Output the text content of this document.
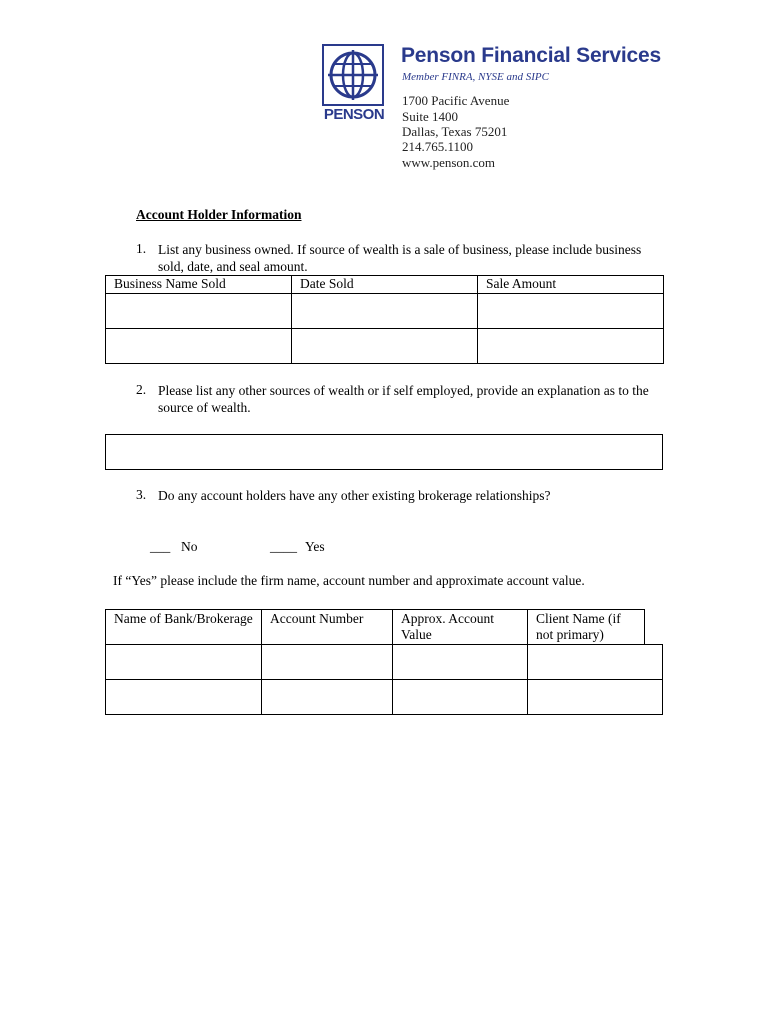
PENSON
Penson Financial Services
Member FINRA, NYSE and SIPC
1700 Pacific Avenue
Suite 1400
Dallas, Texas 75201
214.765.1100
www.penson.com
Account Holder Information
1. List any business owned. If source of wealth is a sale of business, please include business sold, date, and seal amount.
Business Name Sold	Date Sold	Sale Amount

2. Please list any other sources of wealth or if self employed, provide an explanation as to the source of wealth.
3. Do any account holders have any other existing brokerage relationships?
___ No	____ Yes
If “Yes” please include the firm name, account number and approximate account value.
Name of Bank/Brokerage	Account Number	Approx. Account Value	Client Name (if not primary)
